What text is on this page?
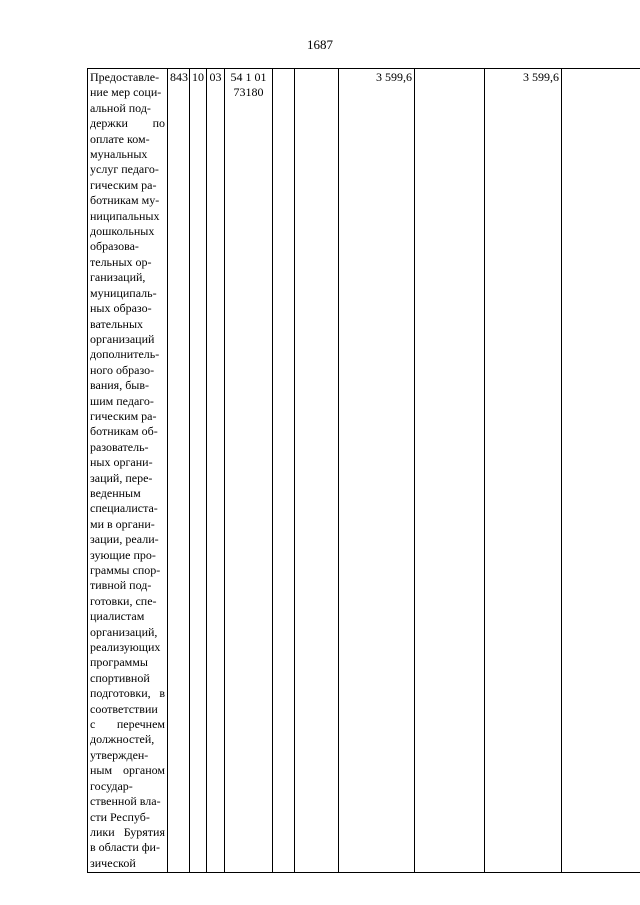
1687
Предоставле-
ние мер соци-
альной под-
держки по
оплате ком-
мунальных
услуг педаго-
гическим ра-
ботникам му-
ниципальных
дошкольных
образова-
тельных ор-
ганизаций,
муниципаль-
ных образо-
вательных
организаций
дополнитель-
ного образо-
вания, быв-
шим педаго-
гическим ра-
ботникам об-
разователь-
ных органи-
заций, пере-
веденным
специалиста-
ми в органи-
зации, реали-
зующие про-
граммы спор-
тивной под-
готовки, спе-
циалистам
организаций,
реализующих
программы
спортивной
подготовки, в
соответствии
с перечнем
должностей,
утвержден-
ным органом
государ-
ственной вла-
сти Респуб-
лики Бурятия
в области фи-
зической
	843	10	03	54 1 01 73180			3 599,6		3 599,6	
